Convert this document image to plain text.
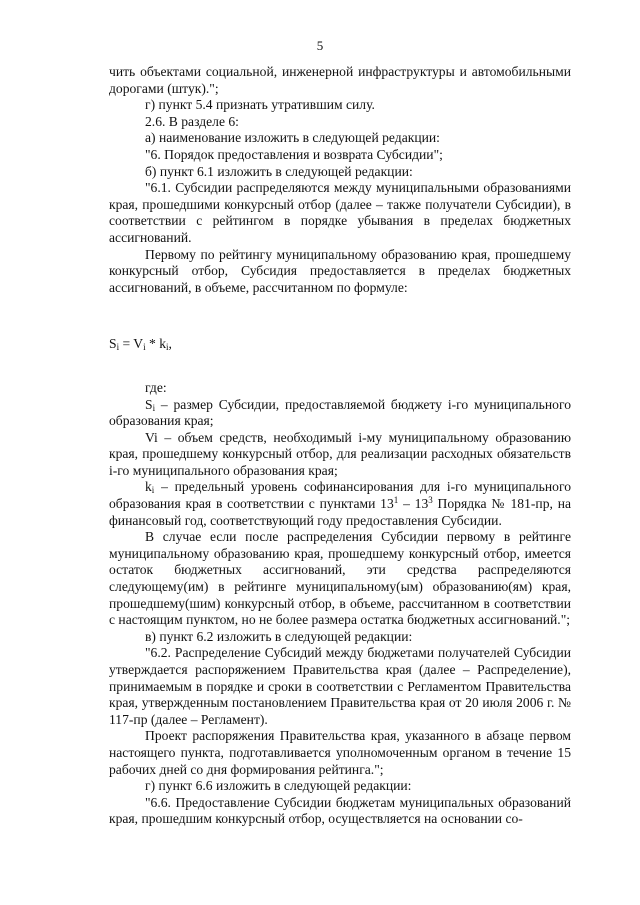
5

чить объектами социальной, инженерной инфраструктуры и автомобильными дорогами (штук).";

г) пункт 5.4 признать утратившим силу.

2.6. В разделе 6:

а) наименование изложить в следующей редакции:

"6. Порядок предоставления и возврата Субсидии";

б) пункт 6.1 изложить в следующей редакции:

"6.1. Субсидии распределяются между муниципальными образованиями края, прошедшими конкурсный отбор (далее – также получатели Субсидии), в соответствии с рейтингом в порядке убывания в пределах бюджетных ассигнований.

Первому по рейтингу муниципальному образованию края, прошедшему конкурсный отбор, Субсидия предоставляется в пределах бюджетных ассигнований, в объеме, рассчитанном по формуле:

$S_i = V_i * k_i$,

где:

$S_i$ – размер Субсидии, предоставляемой бюджету i-го муниципального образования края;

Vi – объем средств, необходимый i-му муниципальному образованию края, прошедшему конкурсный отбор, для реализации расходных обязательств i-го муниципального образования края;

$k_i$ – предельный уровень софинансирования для i-го муниципального образования края в соответствии с пунктами $13^1 - 13^3$ Порядка № 181-пр, на финансовый год, соответствующий году предоставления Субсидии.

В случае если после распределения Субсидии первому в рейтинге муниципальному образованию края, прошедшему конкурсный отбор, имеется остаток бюджетных ассигнований, эти средства распределяются следующему(им) в рейтинге муниципальному(ым) образованию(ям) края, прошедшему(шим) конкурсный отбор, в объеме, рассчитанном в соответствии с настоящим пунктом, но не более размера остатка бюджетных ассигнований.";

в) пункт 6.2 изложить в следующей редакции:

"6.2. Распределение Субсидий между бюджетами получателей Субсидии утверждается распоряжением Правительства края (далее – Распределение), принимаемым в порядке и сроки в соответствии с Регламентом Правительства края, утвержденным постановлением Правительства края от 20 июля 2006 г. № 117-пр (далее – Регламент).

Проект распоряжения Правительства края, указанного в абзаце первом настоящего пункта, подготавливается уполномоченным органом в течение 15 рабочих дней со дня формирования рейтинга.";

г) пункт 6.6 изложить в следующей редакции:

"6.6. Предоставление Субсидии бюджетам муниципальных образований края, прошедшим конкурсный отбор, осуществляется на основании со-
